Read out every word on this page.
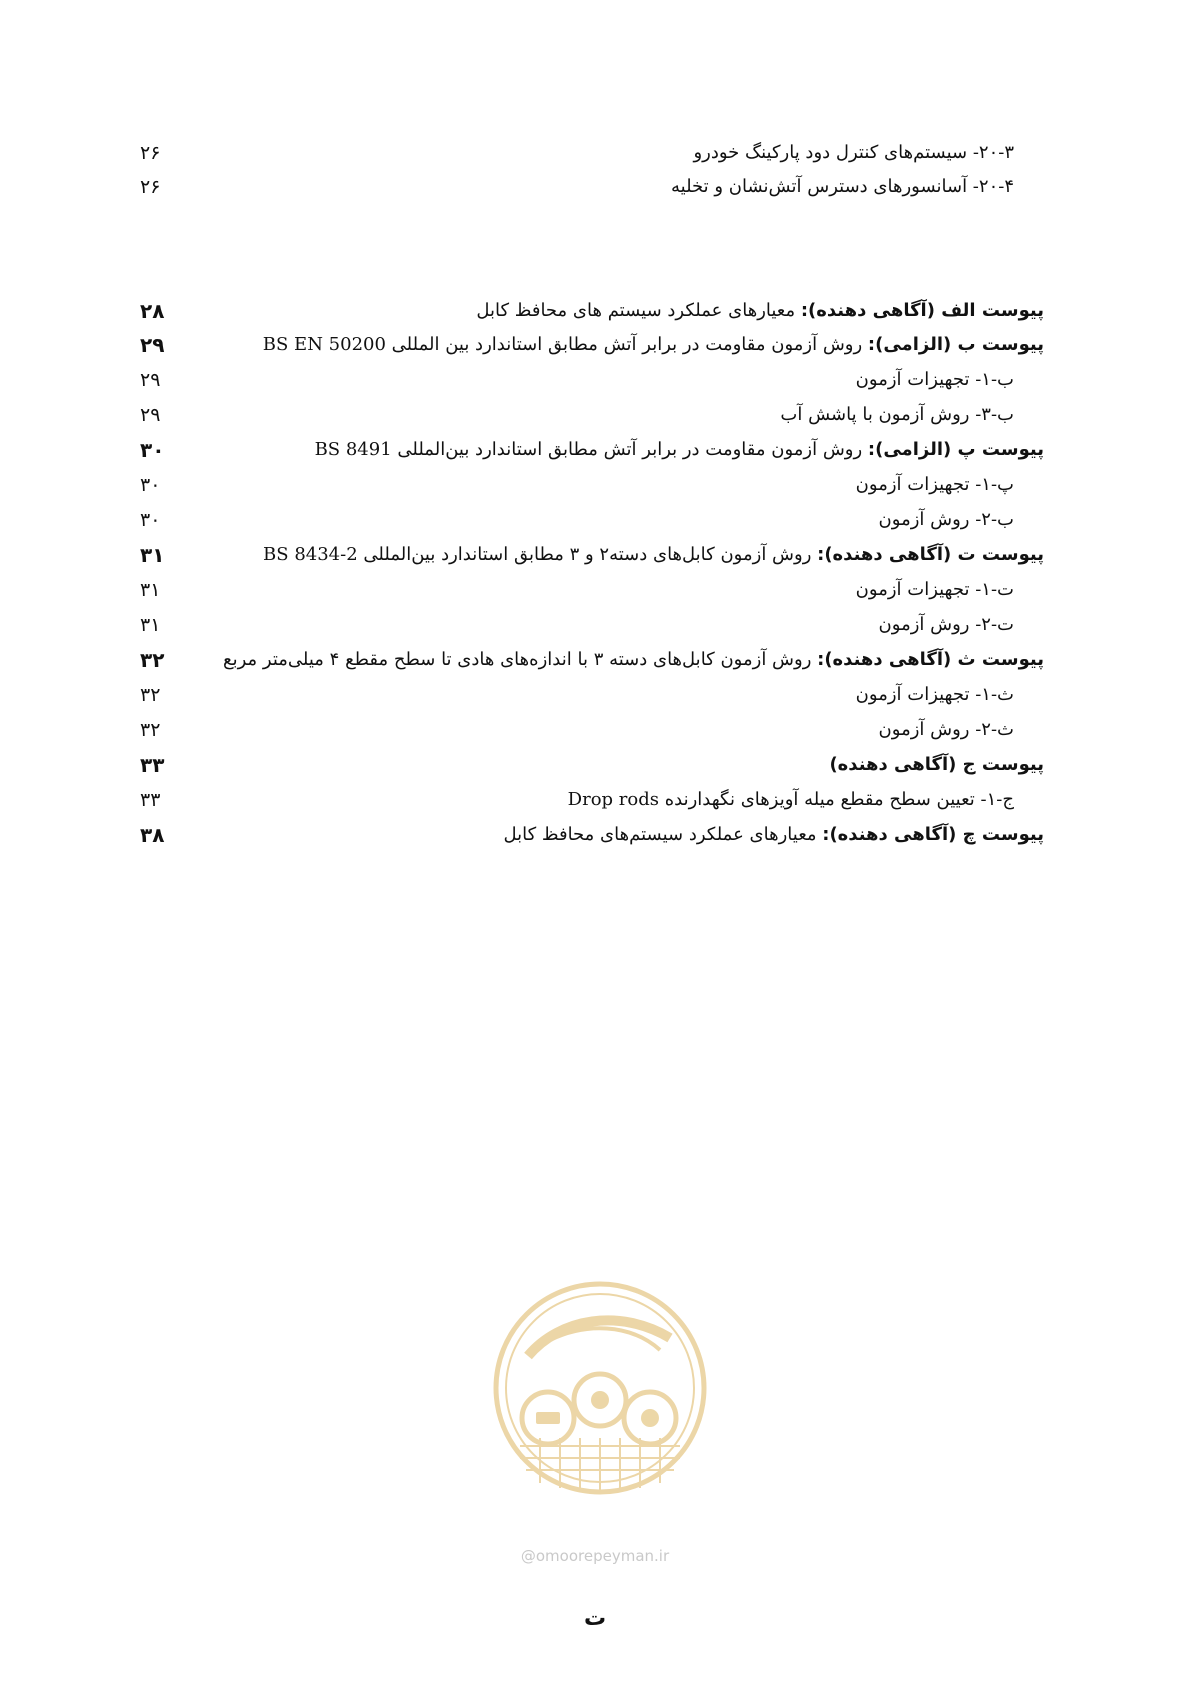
۲۰-۳- سیستم‌های کنترل دود پارکینگ خودرو
۲۶
۲۰-۴- آسانسورهای دسترس آتش‌نشان و تخلیه
۲۶
پیوست الف (آگاهی دهنده): معیارهای عملکرد سیستم های محافظ کابل
۲۸
پیوست ب (الزامی): روش آزمون مقاومت در برابر آتش مطابق استاندارد بین المللی BS EN 50200
۲۹
ب-۱- تجهیزات آزمون
۲۹
ب-۳- روش آزمون با پاشش آب
۲۹
پیوست پ (الزامی): روش آزمون مقاومت در برابر آتش مطابق استاندارد بین‌المللی BS 8491
۳۰
پ-۱- تجهیزات آزمون
۳۰
ب-۲- روش آزمون
۳۰
پیوست ت (آگاهی دهنده): روش آزمون کابل‌های دسته۲ و ۳ مطابق استاندارد بین‌المللی BS 8434-2
۳۱
ت-۱- تجهیزات آزمون
۳۱
ت-۲- روش آزمون
۳۱
پیوست ث (آگاهی دهنده): روش آزمون کابل‌های دسته ۳ با اندازه‌های هادی تا سطح مقطع ۴ میلی‌متر مربع
۳۲
ث-۱- تجهیزات آزمون
۳۲
ث-۲- روش آزمون
۳۲
پیوست ج (آگاهی دهنده)
۳۳
ج-۱- تعیین سطح مقطع میله آویزهای نگهدارنده Drop rods
۳۳
پیوست چ (آگاهی دهنده): معیارهای عملکرد سیستم‌های محافظ کابل
۳۸
@omoorepeyman.ir
ت
